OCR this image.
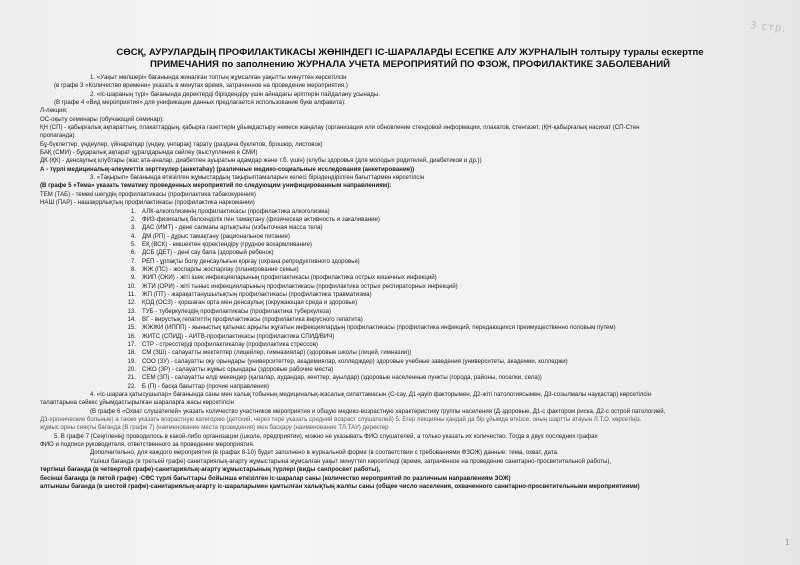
3 стр.
СӨСҚ, АУРУЛАРДЫҢ ПРОФИЛАКТИКАСЫ ЖӨНІНДЕГІ ІС-ШАРАЛАРДЫ ЕСЕПКЕ АЛУ ЖУРНАЛЫН толтыру туралы ескертпе
ПРИМЕЧАНИЯ по заполнению ЖУРНАЛА УЧЕТА МЕРОПРИЯТИЙ ПО ФЗОЖ, ПРОФИЛАКТИКЕ ЗАБОЛЕВАНИЙ
1. «Уақыт мөлшері» бағанында жиналған топтың жұмсалған уақытты минуттен көрсетілсін
(в графе 3 «Количество времени» указать в минутах время, затраченное на проведение мероприятия.)
2. «Іс-шараның түрі» бағанында деректерді біріздендіру үшін айнадағы әріптерін пайдалану ұсынады.
(В графе 4 «Вид мероприятия» для унификации данных предлагается использование букв алфавита):
Л-лекция;
ОС-оқыту семинары (обучающий семинар);
ҚН (СП) - қабырғалық ақпараттың, плакаттардың, қабырға газеттерін ұйымдастыру немесе жаңалау (организация или обновление стендовой информации, плакатов, стенгазет, (ҚН-қабырғалық насихат (СП-Стен
пропаганда)
Бұ-бүклеттер, үндеулер, үйінаратқар (үндеу, үнпарақ) тарату (раздача буклетов, брошюр, листовок)
БАҚ (СМИ) - бұқаралық ақпарат құралдарында сөйлеу (выступления в СМИ)
ДК (ҚК) - денсаулық клубтары (жас ата-аналар, диабетпен ауыратын адамдар және т.б. үшін) (клубы здоровья (для молодых родителей, диабетиков и др.))
А - түрлі медициналық-әлеуметтік зерттеулер (анкетаһау) (различные медико-социальные исследования (анкетирование))
3. «Тақырып» бағанында өткізілген жұмыстардың тақырыптамаларын келесі біріздендірілген бағыттармен көрсетілсін
(В графе 5 «Тема» указать тематику проведенных мероприятий по следующим унифицированным направлениям):
ТЕМ (ТАБ) - темекі шегудің профилактикасы (профилактика табакокурения)
НАШ (ПАР) - нашақорлықтың профилактикасы (профилактика наркомании)
1. АЛК-алкоголизмнің профилактикасы (профилактика алкоголизма)
2. ФИЗ-физикалық белсенділік пен тамақтану (физическая активность и закаливание)
3. ДАС (ИМТ) - дене салмағы артықтығы (избыточная масса тела)
4. ДМ (РП) - дұрыс тамақтану (рациональное питание)
5. ЕҚ (ВСК) - емшектен қоректендіру (грудное вскармливание)
6. ДСБ (ДЕТ) - дені сау бала (здоровый ребенок)
7. РЕП - ұрпақты болу денсаулығын қорғау (охрана репродуктивного здоровья)
8. ЖЖ (ПС) - жоспарлы жоспарлау (планирование семьи)
9. ЖИП (ОКИ) - жіті ішек инфекцияларының профилактикасы (профилактика острых кишечных инфекций)
10. ЖТИ (ОРИ) - жіті тыныс инфекцияларының профилактикасы (профилактика острых респираторных инфекций)
11. ЖП (ПТ) - жарақаттанушылықтың профилактикасы (профилактика травматизма)
12. ҚОД (ОСЗ) - қоршаған орта мен денсаулық (окружающая среда и здоровье)
13. ТУБ - туберкулездің профилактикасы (профилактика туберкулеза)
14. ВГ - вирустық гепатиттің профилактикасы (профилактика вирусного гепатита)
15. ЖЖЖИ (ИППП) - жыныстық қатынас арқылы жұғатын инфекциялардың профилактикасы (профилактика инфекций, передающихся преимущественно половым путем)
16. ЖИТС (СПИД) - АИТВ-профилактикасы (профилактика СПИД/ВИЧ)
17. СТР - стресстерді профилактикалау (профилактика стрессов)
18. СМ (ЗШ) - салауатты мектептер (лицейлер, гимназиялар) (здоровые школы (лицей, гимназии))
19. СОО (ЗУ) - салауатты оқу орындары (университеттер, академиялар, колледждер) здоровые учебные заведения (университеты, академии, колледжи)
20. СЖО (ЗР) - салауатты жұмыс орындары (здоровые рабочие места)
21. СЕМ (ЗП) - салауатты елді мекендер (қалалар, аудандар, кенттер, ауылдар) (здоровые населенные пункты (города, районы, поселки, села))
22. Б (П) - басқа бағыттар (прочие направления)
4. «Іс-шараға қатысушылар» бағанында саны мен халық тобының медициналық-жасалық сипаттамасын (С-сау, Д1-қауіп факторымен, Д2-жіті патологиясымен, Д3-созылмалы науқастар) көрсетілсін
талаптарына сәйкес ұйымдастырылған шараларға жасы көрсетілсін
(В графе 6 «Охват слушателей» указать количество участников мероприятия и общую медико-возрастную характеристику группы населения (Д-здоровые, Д1-с фактором риска, Д2-с острой патологией,
Д3-хронические больные) а также указать возрастную категорию (детский, через тире указать средний возраст слушателей) 5. Егер лекцияны қандай да бір ұйымда өткізсе, оның шартты атауын Л.Т.О. көрсетіңіз.
жұмыс орны сияқты бағанда (В графе 7) (наименование места проведения) мен басқару (наименование ТЛ.ТАУ) деректер
5. В графе 7 (Сеңгіленің) проводилось в какой-либо организации (школе, предприятии), можно не указывать ФИО слушателей, а только указать их количество. Тогда в двух последних графах
ФИО и подписи руководителя, ответственного за проведение мероприятия.
Дополнительно, для каждого мероприятия (в графах 8-10) будет заполнено в журнальной форме (в соответствии с требованиями ФЗОЖ) данные: тема, охват, дата.
Үшінші бағанда (в третьей графе) санитариялық-ағарту жұмыстарына жұмсалған уақыт минуттеп көрсетіледі (время, затраченное на проведение санитарно-просветительной работы),
төртінші бағанда (в четвертой графе)-санитариялық-ағарту жұмыстарының түрлері (виды санпросвет работы),
бесінші бағанда (в пятой графе) -СӨС түрлі бағыттары бойынша өткізілген іс-шаралар саны (количество мероприятий по различным направлениям ЗОЖ)
алтыншы бағанда (в шестой графе)-санитариялық-ағарту іс-шараларымен қамтылған халықтың жалпы саны (общее число населения, охваченного санитарно-просветительными мероприятиями)
1
